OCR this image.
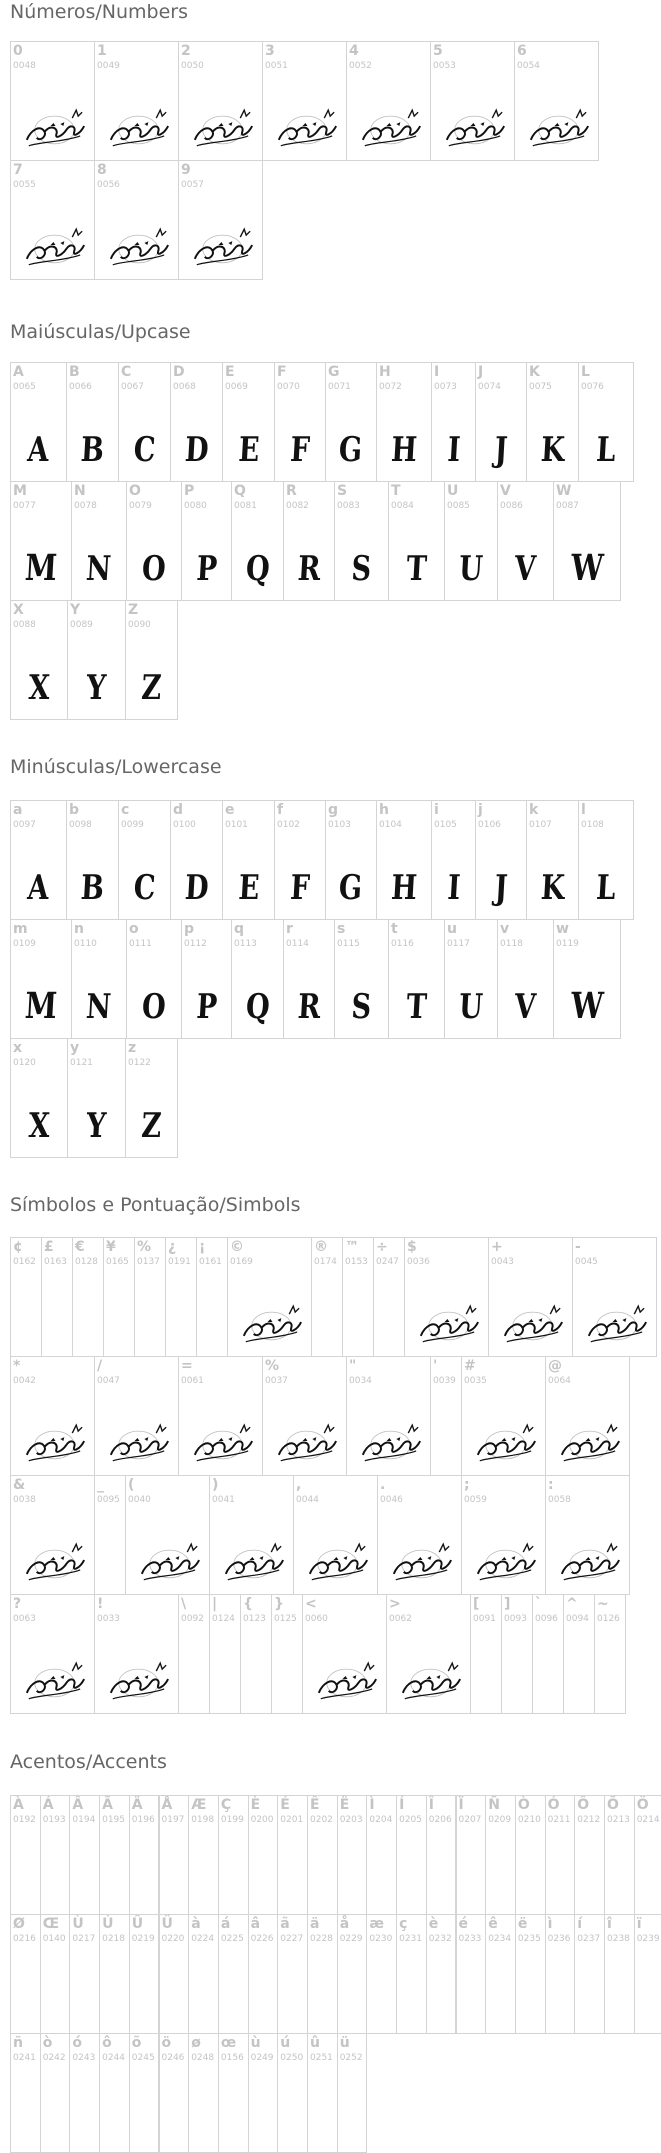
Números/Numbers
0
0048
1
0049
2
0050
3
0051
4
0052
5
0053
6
0054
7
0055
8
0056
9
0057
Maiúsculas/Upcase
A
0065
A
B
0066
B
C
0067
C
D
0068
D
E
0069
E
F
0070
F
G
0071
G
H
0072
H
I
0073
I
J
0074
J
K
0075
K
L
0076
L
M
0077
M
N
0078
N
O
0079
O
P
0080
P
Q
0081
Q
R
0082
R
S
0083
S
T
0084
T
U
0085
U
V
0086
V
W
0087
W
X
0088
X
Y
0089
Y
Z
0090
Z
Minúsculas/Lowercase
a
0097
A
b
0098
B
c
0099
C
d
0100
D
e
0101
E
f
0102
F
g
0103
G
h
0104
H
i
0105
I
j
0106
J
k
0107
K
l
0108
L
m
0109
M
n
0110
N
o
0111
O
p
0112
P
q
0113
Q
r
0114
R
s
0115
S
t
0116
T
u
0117
U
v
0118
V
w
0119
W
x
0120
X
y
0121
Y
z
0122
Z
Símbolos e Pontuação/Simbols
¢
0162
£
0163
€
0128
¥
0165
%
0137
¿
0191
¡
0161
©
0169
®
0174
™
0153
÷
0247
$
0036
+
0043
-
0045
*
0042
/
0047
=
0061
%
0037
"
0034
'
0039
#
0035
@
0064
&
0038
_
0095
(
0040
)
0041
,
0044
.
0046
;
0059
:
0058
?
0063
!
0033
\
0092
|
0124
{
0123
}
0125
<
0060
>
0062
[
0091
]
0093
`
0096
^
0094
~
0126
Acentos/Accents
À
0192
Á
0193
Â
0194
Ã
0195
Ä
0196
Å
0197
Æ
0198
Ç
0199
È
0200
É
0201
Ê
0202
Ë
0203
Ì
0204
Í
0205
Î
0206
Ï
0207
Ñ
0209
Ò
0210
Ó
0211
Ô
0212
Õ
0213
Ö
0214
Ø
0216
Œ
0140
Ù
0217
Ú
0218
Û
0219
Ü
0220
à
0224
á
0225
â
0226
ã
0227
ä
0228
å
0229
æ
0230
ç
0231
è
0232
é
0233
ê
0234
ë
0235
ì
0236
í
0237
î
0238
ï
0239
ñ
0241
ò
0242
ó
0243
ô
0244
õ
0245
ö
0246
ø
0248
œ
0156
ù
0249
ú
0250
û
0251
ü
0252
